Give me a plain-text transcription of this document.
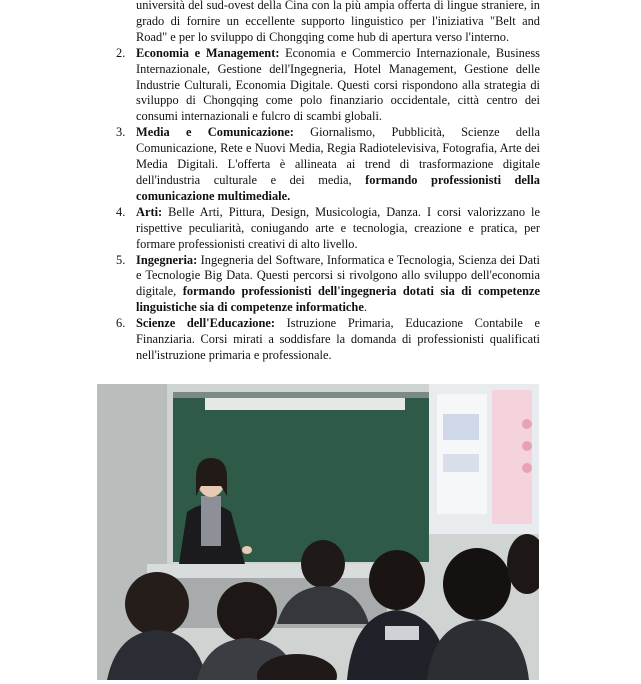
università del sud-ovest della Cina con la più ampia offerta di lingue straniere, in grado di fornire un eccellente supporto linguistico per l'iniziativa "Belt and Road" e per lo sviluppo di Chongqing come hub di apertura verso l'interno.
2. Economia e Management: Economia e Commercio Internazionale, Business Internazionale, Gestione dell'Ingegneria, Hotel Management, Gestione delle Industrie Culturali, Economia Digitale. Questi corsi rispondono alla strategia di sviluppo di Chongqing come polo finanziario occidentale, città centro dei consumi internazionali e fulcro di scambi globali.
3. Media e Comunicazione: Giornalismo, Pubblicità, Scienze della Comunicazione, Rete e Nuovi Media, Regia Radiotelevisiva, Fotografia, Arte dei Media Digitali. L'offerta è allineata ai trend di trasformazione digitale dell'industria culturale e dei media, formando professionisti della comunicazione multimediale.
4. Arti: Belle Arti, Pittura, Design, Musicologia, Danza. I corsi valorizzano le rispettive peculiarità, coniugando arte e tecnologia, creazione e pratica, per formare professionisti creativi di alto livello.
5. Ingegneria: Ingegneria del Software, Informatica e Tecnologia, Scienza dei Dati e Tecnologie Big Data. Questi percorsi si rivolgono allo sviluppo dell'economia digitale, formando professionisti dell'ingegneria dotati sia di competenze linguistiche sia di competenze informatiche.
6. Scienze dell'Educazione: Istruzione Primaria, Educazione Contabile e Finanziaria. Corsi mirati a soddisfare la domanda di professionisti qualificati nell'istruzione primaria e professionale.
